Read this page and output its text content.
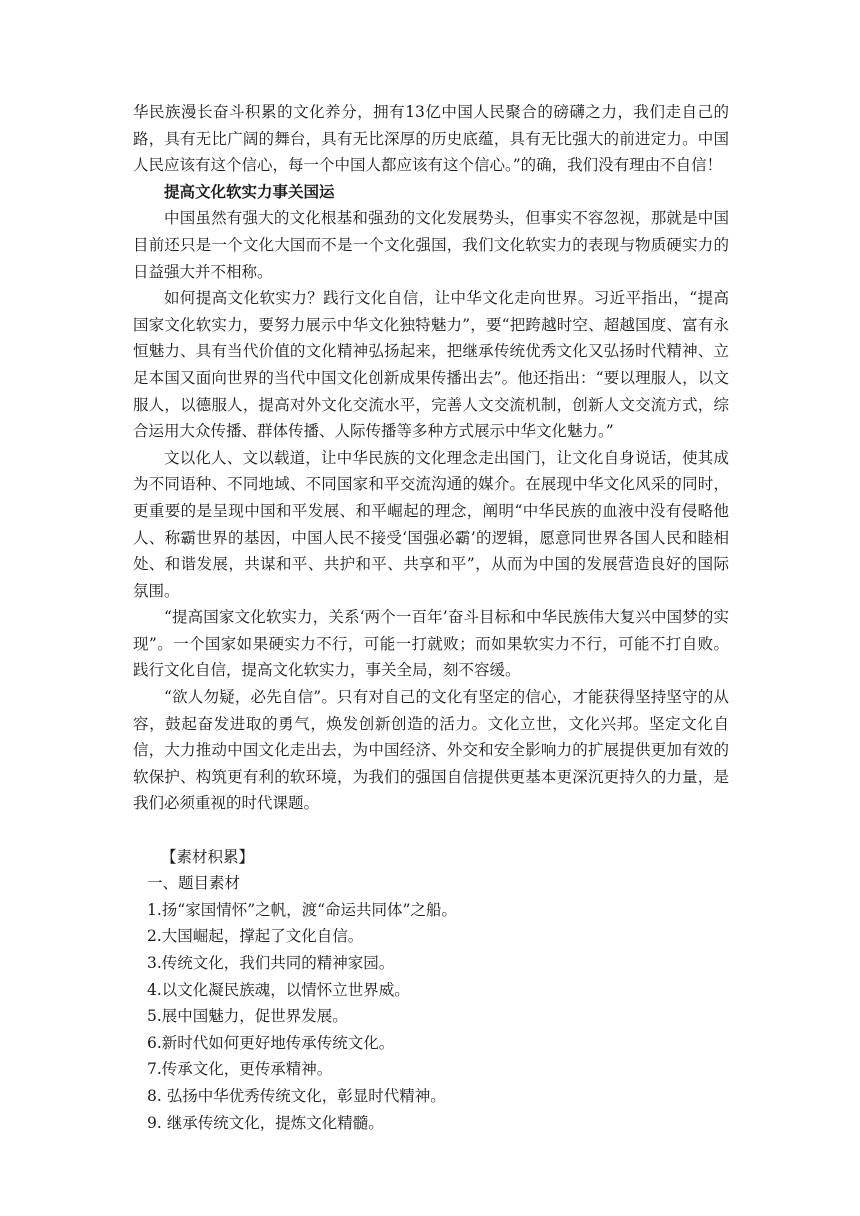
华民族漫长奋斗积累的文化养分，拥有13亿中国人民聚合的磅礴之力，我们走自己的路，具有无比广阔的舞台，具有无比深厚的历史底蕴，具有无比强大的前进定力。中国人民应该有这个信心，每一个中国人都应该有这个信心。”的确，我们没有理由不自信！

提高文化软实力事关国运

中国虽然有强大的文化根基和强劲的文化发展势头，但事实不容忽视，那就是中国目前还只是一个文化大国而不是一个文化强国，我们文化软实力的表现与物质硬实力的日益强大并不相称。

如何提高文化软实力？践行文化自信，让中华文化走向世界。习近平指出，“提高国家文化软实力，要努力展示中华文化独特魅力”，要“把跨越时空、超越国度、富有永恒魅力、具有当代价值的文化精神弘扬起来，把继承传统优秀文化又弘扬时代精神、立足本国又面向世界的当代中国文化创新成果传播出去”。他还指出：“要以理服人，以文服人，以德服人，提高对外文化交流水平，完善人文交流机制，创新人文交流方式，综合运用大众传播、群体传播、人际传播等多种方式展示中华文化魅力。”

文以化人、文以载道，让中华民族的文化理念走出国门，让文化自身说话，使其成为不同语种、不同地域、不同国家和平交流沟通的媒介。在展现中华文化风采的同时，更重要的是呈现中国和平发展、和平崛起的理念，阐明“中华民族的血液中没有侵略他人、称霸世界的基因，中国人民不接受‘国强必霸’的逻辑，愿意同世界各国人民和睦相处、和谐发展，共谋和平、共护和平、共享和平”，从而为中国的发展营造良好的国际氛围。

“提高国家文化软实力，关系‘两个一百年’奋斗目标和中华民族伟大复兴中国梦的实现”。一个国家如果硬实力不行，可能一打就败；而如果软实力不行，可能不打自败。践行文化自信，提高文化软实力，事关全局，刻不容缓。

“欲人勿疑，必先自信”。只有对自己的文化有坚定的信心，才能获得坚持坚守的从容，鼓起奋发进取的勇气，焕发创新创造的活力。文化立世，文化兴邦。坚定文化自信，大力推动中国文化走出去，为中国经济、外交和安全影响力的扩展提供更加有效的软保护、构筑更有利的软环境，为我们的强国自信提供更基本更深沉更持久的力量，是我们必须重视的时代课题。

【素材积累】

一、题目素材

1.扬“家国情怀”之帆，渡“命运共同体”之船。

2.大国崛起，撑起了文化自信。

3.传统文化，我们共同的精神家园。

4.以文化凝民族魂，以情怀立世界威。

5.展中国魅力，促世界发展。

6.新时代如何更好地传承传统文化。

7.传承文化，更传承精神。

8. 弘扬中华优秀传统文化，彰显时代精神。

9. 继承传统文化，提炼文化精髓。
